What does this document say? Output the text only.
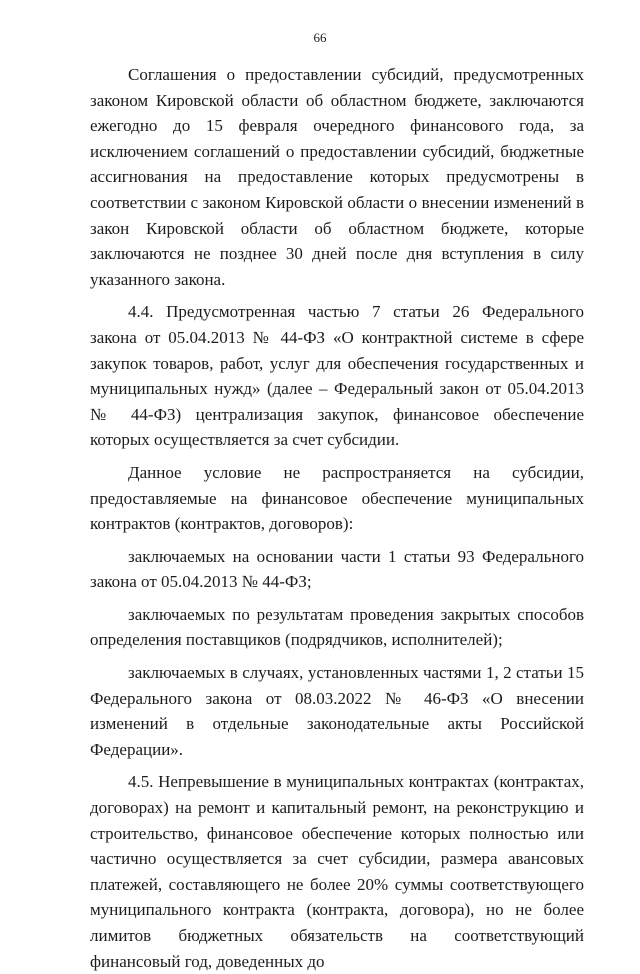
66

Соглашения о предоставлении субсидий, предусмотренных законом Кировской области об областном бюджете, заключаются ежегодно до 15 февраля очередного финансового года, за исключением соглашений о предоставлении субсидий, бюджетные ассигнования на предоставление которых предусмотрены в соответствии с законом Кировской области о внесении изменений в закон Кировской области об областном бюджете, которые заключаются не позднее 30 дней после дня вступления в силу указанного закона.

4.4. Предусмотренная частью 7 статьи 26 Федерального закона от 05.04.2013 № 44-ФЗ «О контрактной системе в сфере закупок товаров, работ, услуг для обеспечения государственных и муниципальных нужд» (далее – Федеральный закон от 05.04.2013 № 44-ФЗ) централизация закупок, финансовое обеспечение которых осуществляется за счет субсидии.

Данное условие не распространяется на субсидии, предоставляемые на финансовое обеспечение муниципальных контрактов (контрактов, договоров):

заключаемых на основании части 1 статьи 93 Федерального закона от 05.04.2013 № 44-ФЗ;

заключаемых по результатам проведения закрытых способов определения поставщиков (подрядчиков, исполнителей);

заключаемых в случаях, установленных частями 1, 2 статьи 15 Федерального закона от 08.03.2022 № 46-ФЗ «О внесении изменений в отдельные законодательные акты Российской Федерации».

4.5. Непревышение в муниципальных контрактах (контрактах, договорах) на ремонт и капитальный ремонт, на реконструкцию и строительство, финансовое обеспечение которых полностью или частично осуществляется за счет субсидии, размера авансовых платежей, составляющего не более 20% суммы соответствующего муниципального контракта (контракта, договора), но не более лимитов бюджетных обязательств на соответствующий финансовый год, доведенных до
